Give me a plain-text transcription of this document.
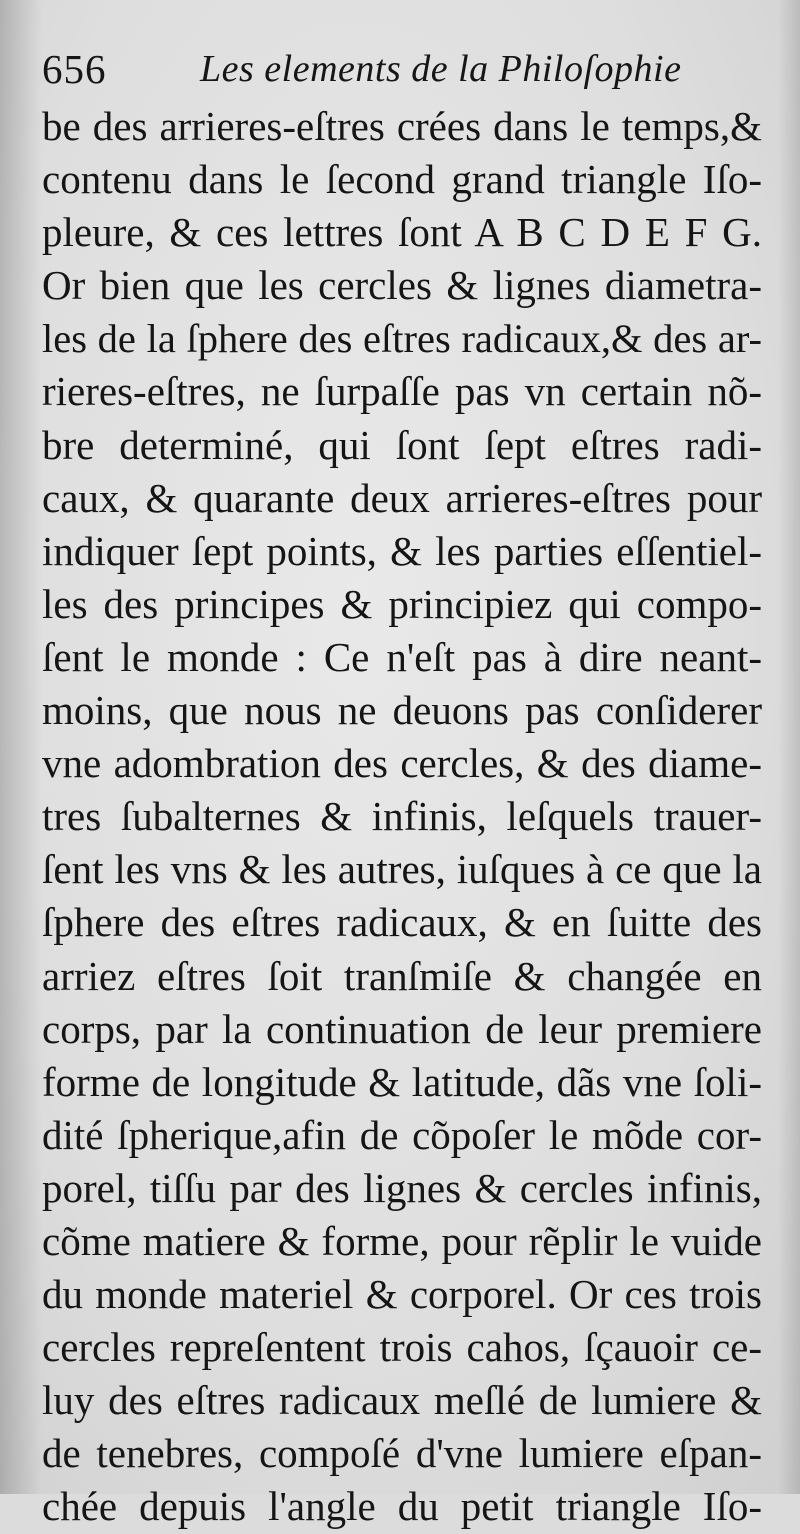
656 Les elements de la Philoſophie
be des arrieres-eſtres crées dans le temps,&
contenu dans le ſecond grand triangle Iſo-
pleure, & ces lettres ſont A B C D E F G.
Or bien que les cercles & lignes diametra-
les de la ſphere des eſtres radicaux,& des ar-
rieres-eſtres, ne ſurpaſſe pas vn certain nõ-
bre determiné, qui ſont ſept eſtres radi-
caux, & quarante deux arrieres-eſtres pour
indiquer ſept points, & les parties eſſentiel-
les des principes & principiez qui compo-
ſent le monde : Ce n'eſt pas à dire neant-
moins, que nous ne deuons pas conſiderer
vne adombration des cercles, & des diame-
tres ſubalternes & infinis, leſquels trauer-
ſent les vns & les autres, iuſques à ce que la
ſphere des eſtres radicaux, & en ſuitte des
arriez eſtres ſoit tranſmiſe & changée en
corps, par la continuation de leur premiere
forme de longitude & latitude, dãs vne ſoli-
dité ſpherique,afin de cõpoſer le mõde cor-
porel, tiſſu par des lignes & cercles infinis,
cõme matiere & forme, pour rẽplir le vuide
du monde materiel & corporel. Or ces trois
cercles repreſentent trois cahos, ſçauoir ce-
luy des eſtres radicaux meſlé de lumiere &
de tenebres, compoſé d'vne lumiere eſpan-
chée depuis l'angle du petit triangle Iſo-
